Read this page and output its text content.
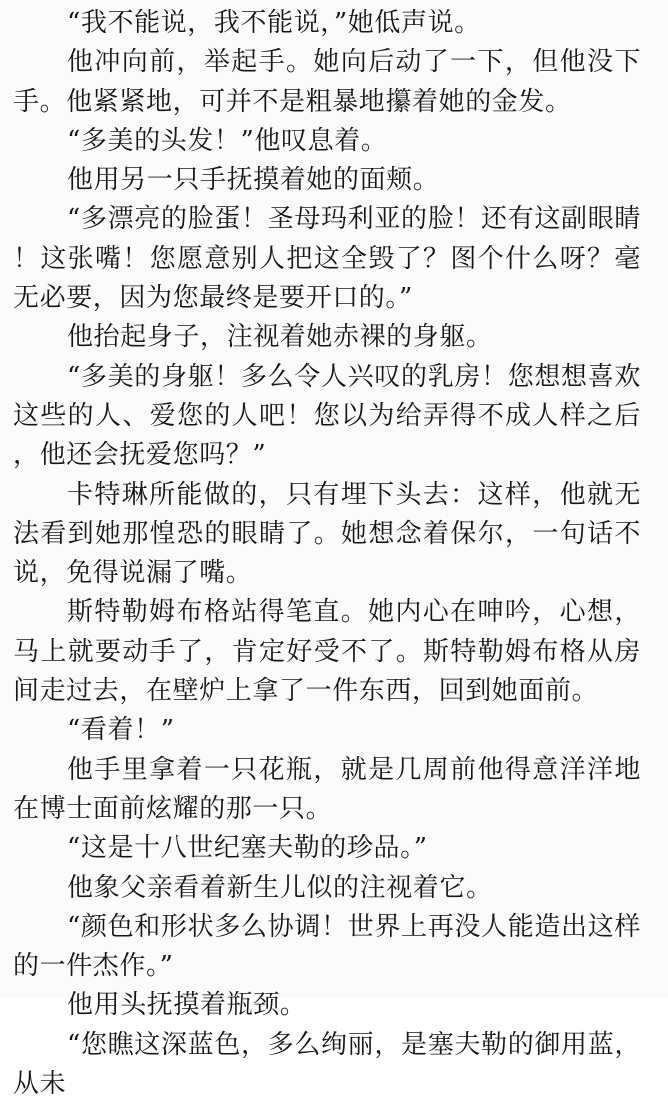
“我不能说，我不能说，”她低声说。

他冲向前，举起手。她向后动了一下，但他没下手。他紧紧地，可并不是粗暴地攥着她的金发。

“多美的头发！”他叹息着。

他用另一只手抚摸着她的面颊。

“多漂亮的脸蛋！圣母玛利亚的脸！还有这副眼睛！这张嘴！您愿意别人把这全毁了？图个什么呀？毫无必要，因为您最终是要开口的。”

他抬起身子，注视着她赤裸的身躯。

“多美的身躯！多么令人兴叹的乳房！您想想喜欢这些的人、爱您的人吧！您以为给弄得不成人样之后，他还会抚爱您吗？”

卡特琳所能做的，只有埋下头去：这样，他就无法看到她那惶恐的眼睛了。她想念着保尔，一句话不说，免得说漏了嘴。

斯特勒姆布格站得笔直。她内心在呻吟，心想，马上就要动手了，肯定好受不了。斯特勒姆布格从房间走过去，在壁炉上拿了一件东西，回到她面前。

“看着！”

他手里拿着一只花瓶，就是几周前他得意洋洋地在博士面前炫耀的那一只。

“这是十八世纪塞夫勒的珍品。”

他象父亲看着新生儿似的注视着它。

“颜色和形状多么协调！世界上再没人能造出这样的一件杰作。”

他用头抚摸着瓶颈。

“您瞧这深蓝色，多么绚丽，是塞夫勒的御用蓝，从未
